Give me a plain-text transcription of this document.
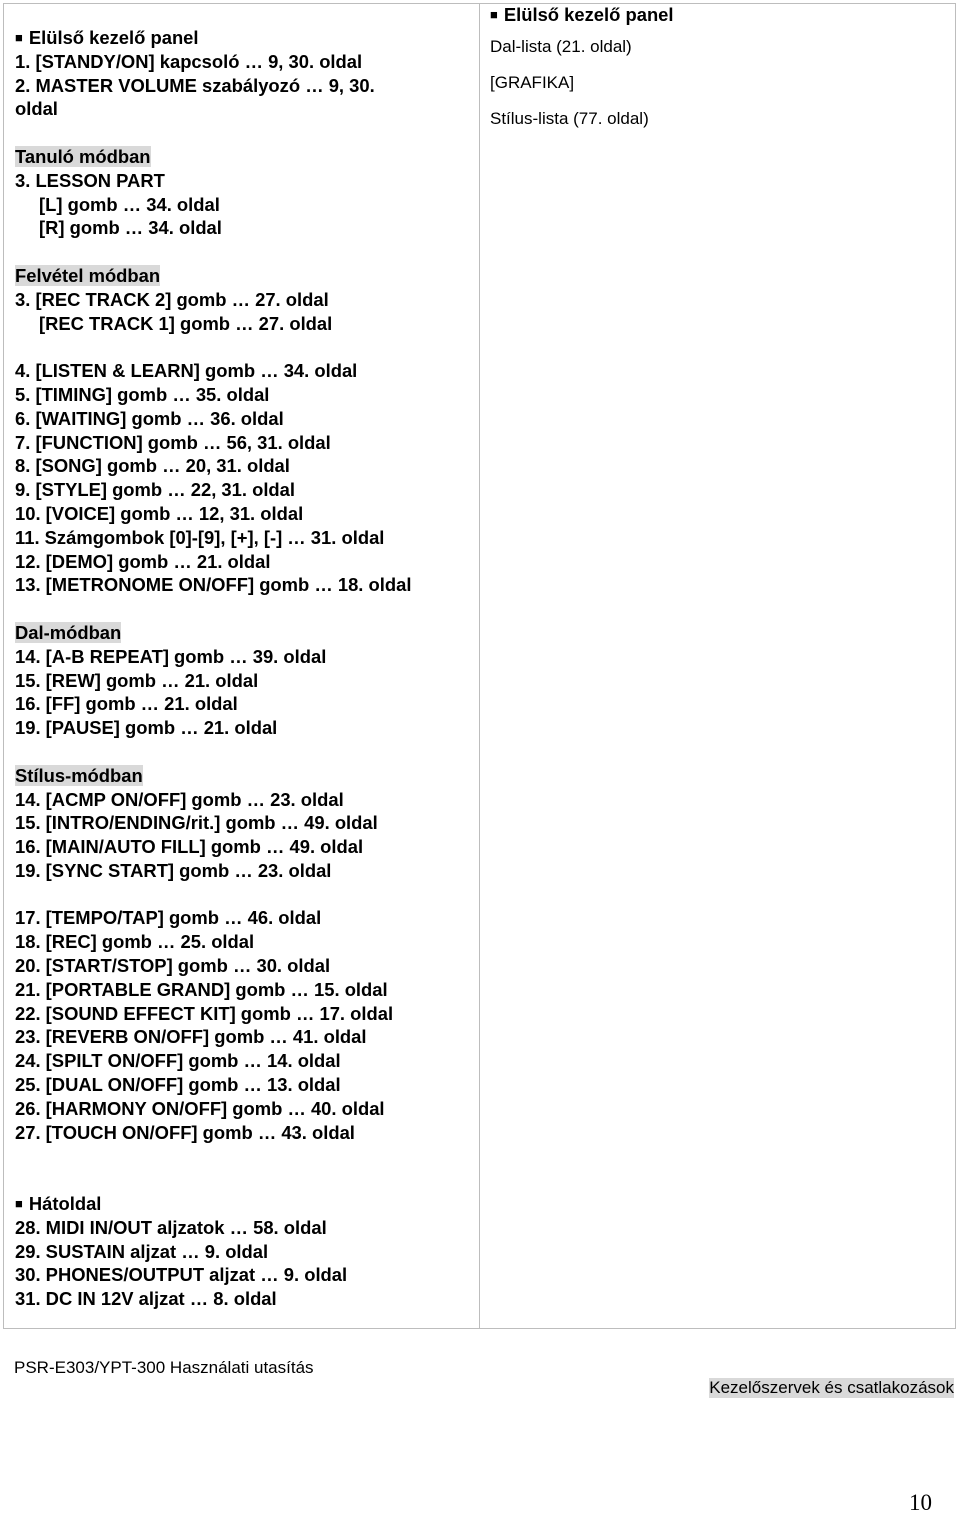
■ Elülső kezelő panel
1. [STANDY/ON] kapcsoló … 9, 30. oldal
2. MASTER VOLUME szabályozó … 9, 30.
oldal
Tanuló módban
3. LESSON PART
[L] gomb … 34. oldal
[R] gomb … 34. oldal
Felvétel módban
3. [REC TRACK 2] gomb … 27. oldal
[REC TRACK 1] gomb … 27. oldal
4. [LISTEN & LEARN] gomb … 34. oldal
5. [TIMING] gomb … 35. oldal
6. [WAITING] gomb … 36. oldal
7. [FUNCTION] gomb … 56, 31. oldal
8. [SONG] gomb … 20, 31. oldal
9. [STYLE] gomb … 22, 31. oldal
10. [VOICE] gomb … 12, 31. oldal
11. Számgombok [0]-[9], [+], [-] … 31. oldal
12. [DEMO] gomb … 21. oldal
13. [METRONOME ON/OFF] gomb … 18. oldal
Dal-módban
14. [A-B REPEAT] gomb … 39. oldal
15. [REW] gomb … 21. oldal
16. [FF] gomb … 21. oldal
19. [PAUSE] gomb … 21. oldal
Stílus-módban
14. [ACMP ON/OFF] gomb … 23. oldal
15. [INTRO/ENDING/rit.] gomb … 49. oldal
16. [MAIN/AUTO FILL] gomb … 49. oldal
19. [SYNC START] gomb … 23. oldal
17. [TEMPO/TAP] gomb … 46. oldal
18. [REC] gomb … 25. oldal
20. [START/STOP] gomb … 30. oldal
21. [PORTABLE GRAND] gomb … 15. oldal
22. [SOUND EFFECT KIT] gomb … 17. oldal
23. [REVERB ON/OFF] gomb … 41. oldal
24. [SPILT ON/OFF] gomb … 14. oldal
25. [DUAL ON/OFF] gomb … 13. oldal
26. [HARMONY ON/OFF] gomb … 40. oldal
27. [TOUCH ON/OFF] gomb … 43. oldal
■ Hátoldal
28. MIDI IN/OUT aljzatok … 58. oldal
29. SUSTAIN aljzat … 9. oldal
30. PHONES/OUTPUT aljzat … 9. oldal
31. DC IN 12V aljzat … 8. oldal
■ Elülső kezelő panel
Dal-lista (21. oldal)
[GRAFIKA]
Stílus-lista (77. oldal)
PSR-E303/YPT-300 Használati utasítás
Kezelőszervek és csatlakozások
10
